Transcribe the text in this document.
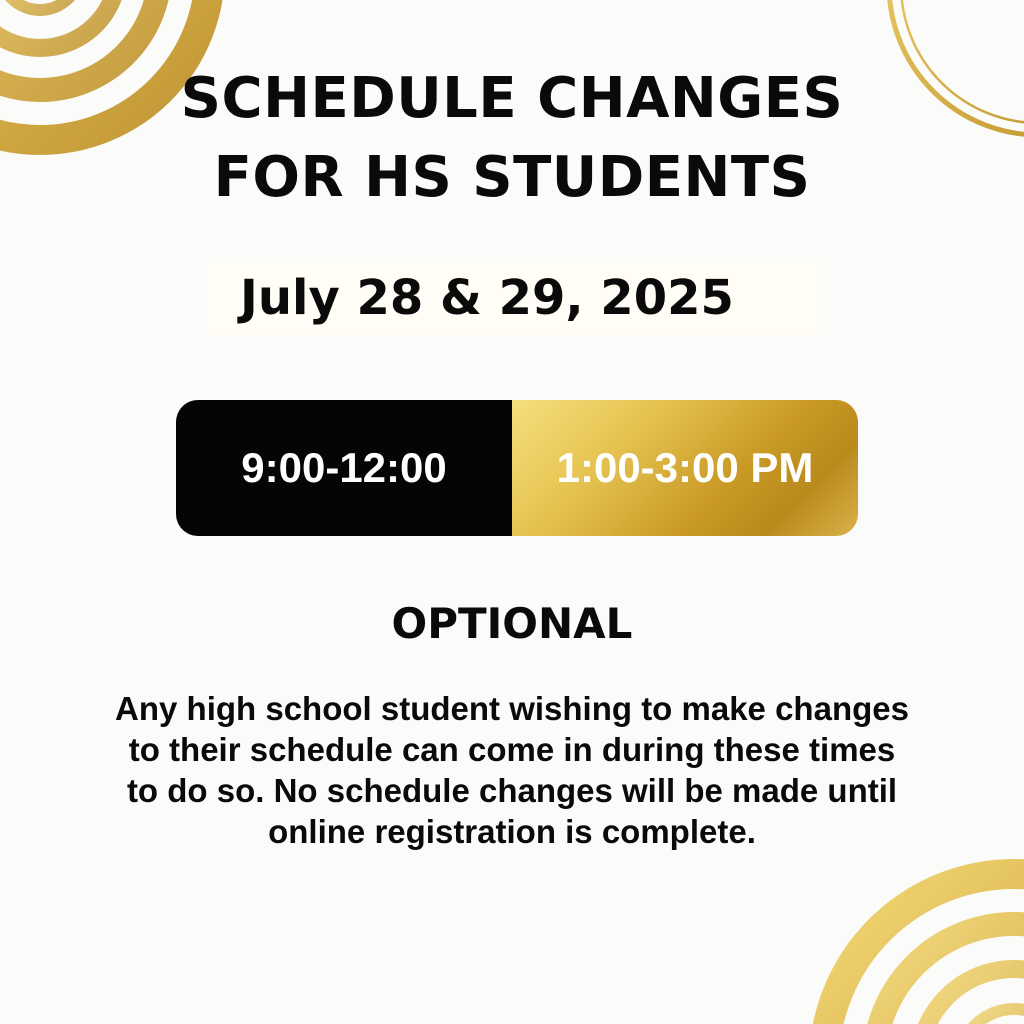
SCHEDULE CHANGES
FOR HS STUDENTS
July 28 & 29, 2025
9:00-12:00	1:00-3:00 PM
OPTIONAL
Any high school student wishing to make changes
to their schedule can come in during these times
to do so. No schedule changes will be made until
online registration is complete.
